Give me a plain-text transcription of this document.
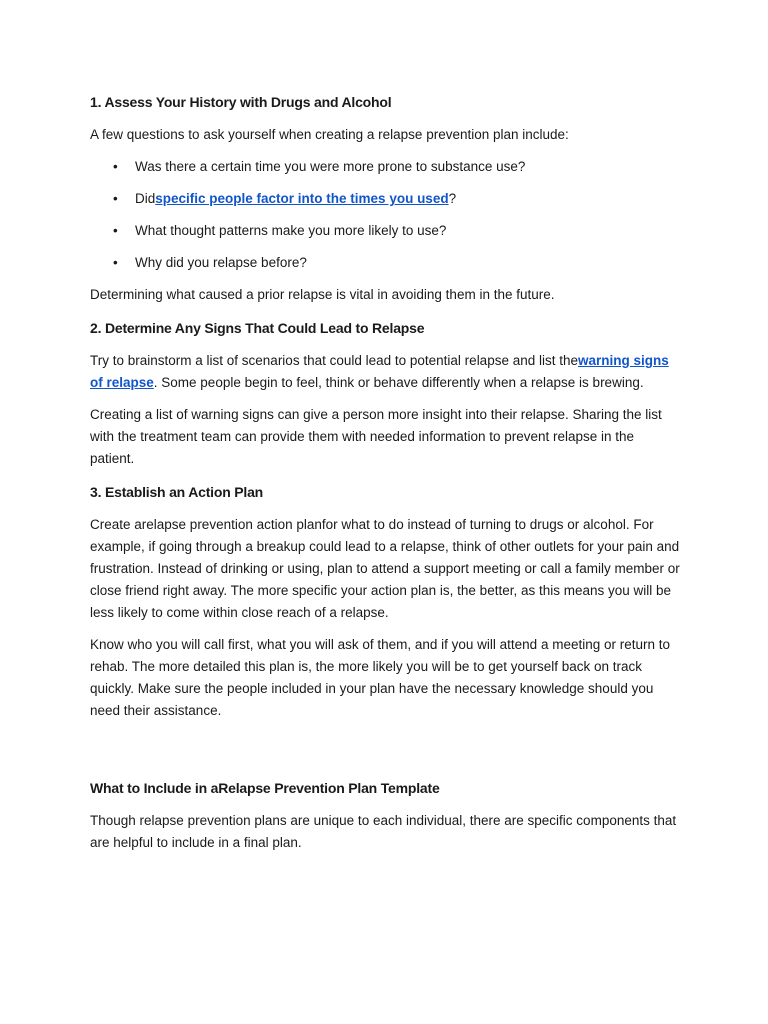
1. Assess Your History with Drugs and Alcohol

A few questions to ask yourself when creating a relapse prevention plan include:

• Was there a certain time you were more prone to substance use?
• Didspecific people factor into the times you used?
• What thought patterns make you more likely to use?
• Why did you relapse before?

Determining what caused a prior relapse is vital in avoiding them in the future.

2. Determine Any Signs That Could Lead to Relapse

Try to brainstorm a list of scenarios that could lead to potential relapse and list thewarning signs of relapse. Some people begin to feel, think or behave differently when a relapse is brewing.

Creating a list of warning signs can give a person more insight into their relapse. Sharing the list with the treatment team can provide them with needed information to prevent relapse in the patient.

3. Establish an Action Plan

Create arelapse prevention action planfor what to do instead of turning to drugs or alcohol. For example, if going through a breakup could lead to a relapse, think of other outlets for your pain and frustration. Instead of drinking or using, plan to attend a support meeting or call a family member or close friend right away. The more specific your action plan is, the better, as this means you will be less likely to come within close reach of a relapse.

Know who you will call first, what you will ask of them, and if you will attend a meeting or return to rehab. The more detailed this plan is, the more likely you will be to get yourself back on track quickly. Make sure the people included in your plan have the necessary knowledge should you need their assistance.

What to Include in aRelapse Prevention Plan Template

Though relapse prevention plans are unique to each individual, there are specific components that are helpful to include in a final plan.
